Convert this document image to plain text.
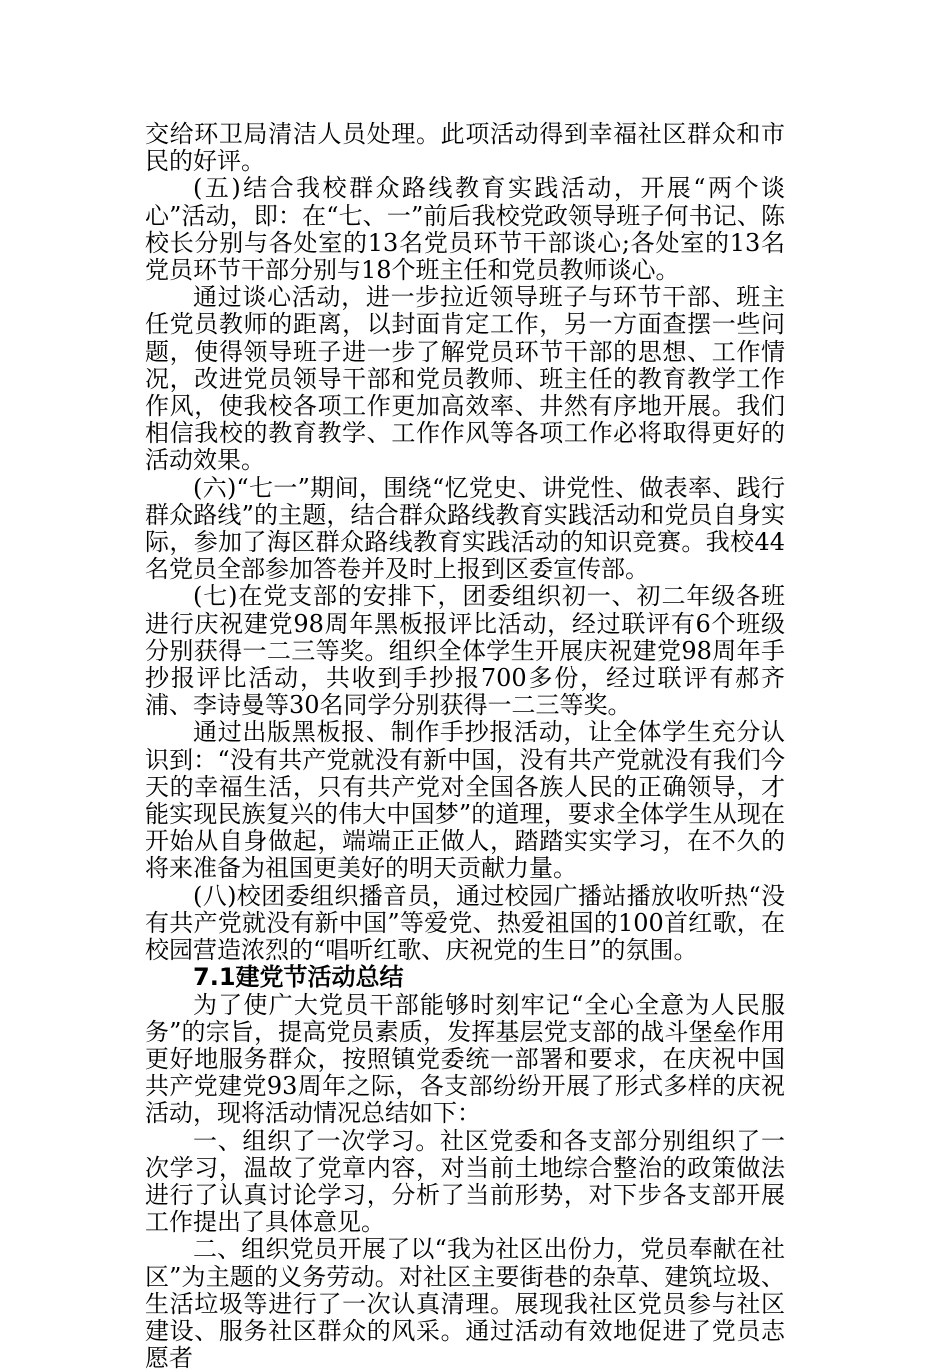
交给环卫局清洁人员处理。此项活动得到幸福社区群众和市民的好评。

(五)结合我校群众路线教育实践活动，开展“两个谈心”活动，即：在“七、一”前后我校党政领导班子何书记、陈校长分别与各处室的13名党员环节干部谈心;各处室的13名党员环节干部分别与18个班主任和党员教师谈心。

通过谈心活动，进一步拉近领导班子与环节干部、班主任党员教师的距离，以封面肯定工作，另一方面查摆一些问题，使得领导班子进一步了解党员环节干部的思想、工作情况，改进党员领导干部和党员教师、班主任的教育教学工作作风，使我校各项工作更加高效率、井然有序地开展。我们相信我校的教育教学、工作作风等各项工作必将取得更好的活动效果。

(六)“七一”期间，围绕“忆党史、讲党性、做表率、践行群众路线”的主题，结合群众路线教育实践活动和党员自身实际，参加了海区群众路线教育实践活动的知识竞赛。我校44名党员全部参加答卷并及时上报到区委宣传部。

(七)在党支部的安排下，团委组织初一、初二年级各班进行庆祝建党98周年黑板报评比活动，经过联评有6个班级分别获得一二三等奖。组织全体学生开展庆祝建党98周年手抄报评比活动，共收到手抄报700多份，经过联评有郝齐浦、李诗曼等30名同学分别获得一二三等奖。

通过出版黑板报、制作手抄报活动，让全体学生充分认识到：“没有共产党就没有新中国，没有共产党就没有我们今天的幸福生活，只有共产党对全国各族人民的正确领导，才能实现民族复兴的伟大中国梦”的道理，要求全体学生从现在开始从自身做起，端端正正做人，踏踏实实学习，在不久的将来准备为祖国更美好的明天贡献力量。

(八)校团委组织播音员，通过校园广播站播放收听热“没有共产党就没有新中国”等爱党、热爱祖国的100首红歌，在校园营造浓烈的“唱听红歌、庆祝党的生日”的氛围。

7.1建党节活动总结

为了使广大党员干部能够时刻牢记“全心全意为人民服务”的宗旨，提高党员素质，发挥基层党支部的战斗堡垒作用更好地服务群众，按照镇党委统一部署和要求，在庆祝中国共产党建党93周年之际，各支部纷纷开展了形式多样的庆祝活动，现将活动情况总结如下：

一、组织了一次学习。社区党委和各支部分别组织了一次学习，温故了党章内容，对当前土地综合整治的政策做法进行了认真讨论学习，分析了当前形势，对下步各支部开展工作提出了具体意见。

二、组织党员开展了以“我为社区出份力，党员奉献在社区”为主题的义务劳动。对社区主要街巷的杂草、建筑垃圾、生活垃圾等进行了一次认真清理。展现我社区党员参与社区建设、服务社区群众的风采。通过活动有效地促进了党员志愿者
